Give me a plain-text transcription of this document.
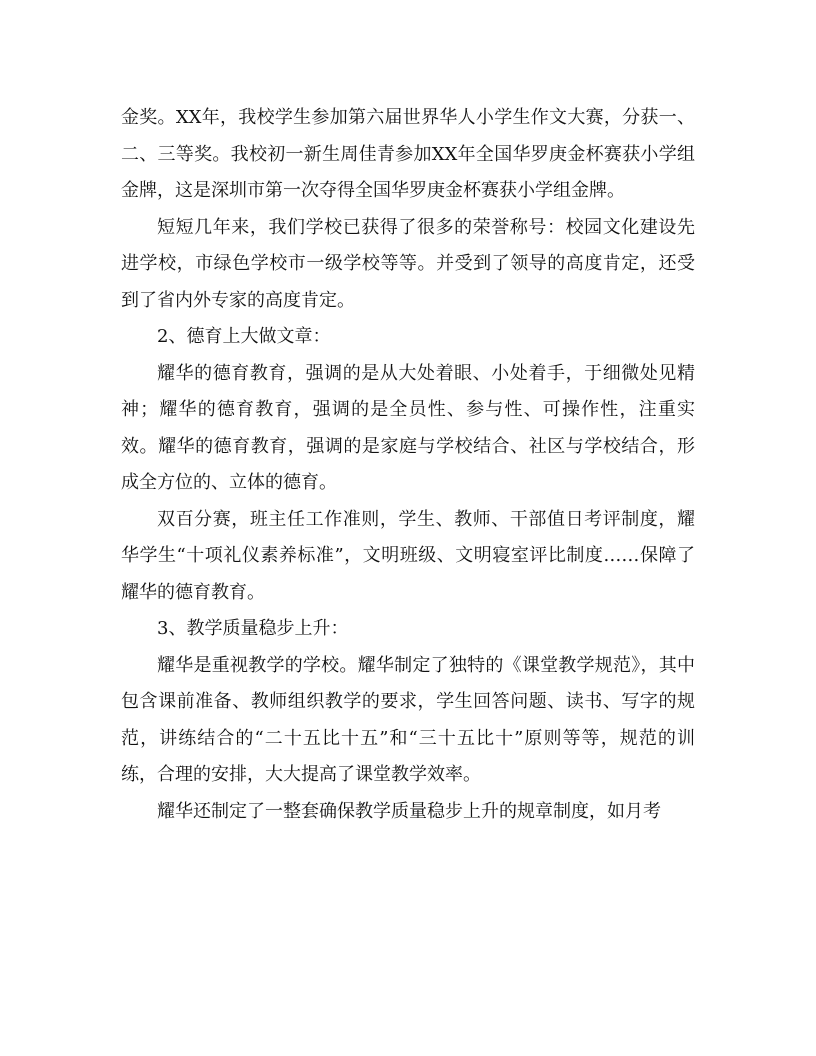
金奖。XX年，我校学生参加第六届世界华人小学生作文大赛，分获一、二、三等奖。我校初一新生周佳青参加XX年全国华罗庚金杯赛获小学组金牌，这是深圳市第一次夺得全国华罗庚金杯赛获小学组金牌。

短短几年来，我们学校已获得了很多的荣誉称号：校园文化建设先进学校，市绿色学校市一级学校等等。并受到了领导的高度肯定，还受到了省内外专家的高度肯定。

2、德育上大做文章：

耀华的德育教育，强调的是从大处着眼、小处着手，于细微处见精神；耀华的德育教育，强调的是全员性、参与性、可操作性，注重实效。耀华的德育教育，强调的是家庭与学校结合、社区与学校结合，形成全方位的、立体的德育。

双百分赛，班主任工作准则，学生、教师、干部值日考评制度，耀华学生“十项礼仪素养标准”，文明班级、文明寝室评比制度……保障了耀华的德育教育。

3、教学质量稳步上升：

耀华是重视教学的学校。耀华制定了独特的《课堂教学规范》，其中包含课前准备、教师组织教学的要求，学生回答问题、读书、写字的规范，讲练结合的“二十五比十五”和“三十五比十”原则等等，规范的训练，合理的安排，大大提高了课堂教学效率。

耀华还制定了一整套确保教学质量稳步上升的规章制度，如月考
